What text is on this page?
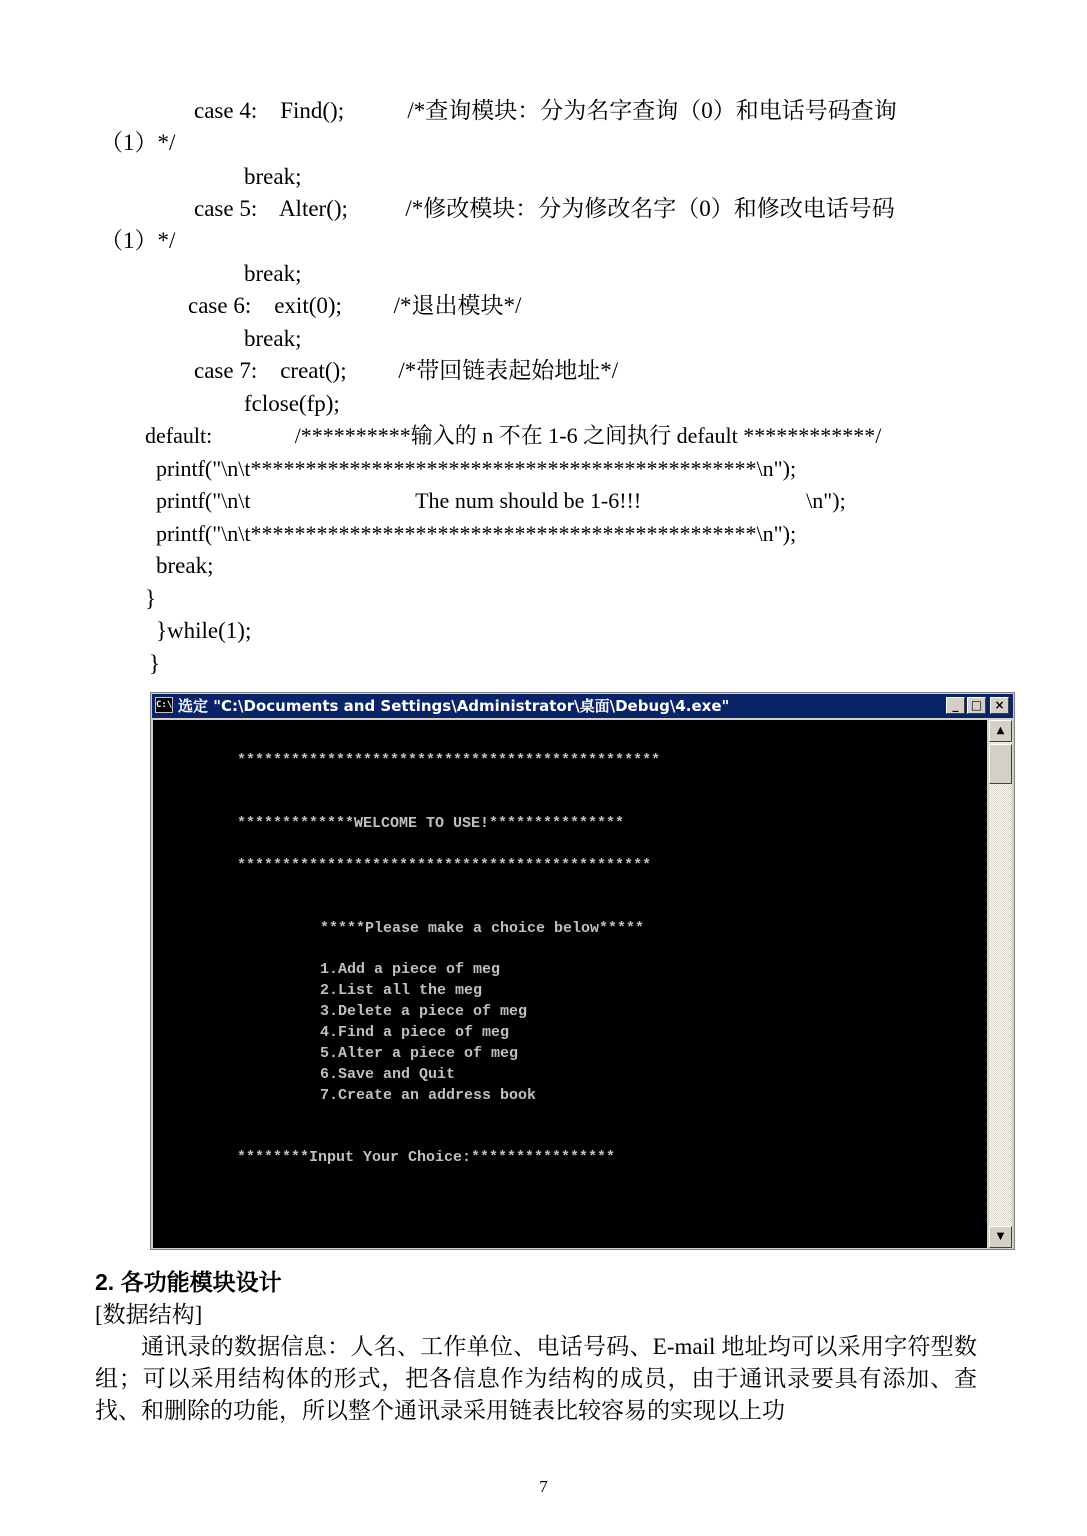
case 4:    Find();           /*查询模块：分为名字查询（0）和电话号码查询
（1）*/
break;
case 5:    Alter();          /*修改模块：分为修改名字（0）和修改电话号码
（1）*/
break;
case 6:    exit(0);         /*退出模块*/
break;
case 7:    creat();         /*带回链表起始地址*/
fclose(fp);
default:               /**********输入的 n 不在 1-6 之间执行 default ************/
printf("\n\t**********************************************\n");
printf("\n\t                              The num should be 1-6!!!                              \n");
printf("\n\t**********************************************\n");
break;
}
}while(1);
}
C:\ 选定 "C:\Documents and Settings\Administrator\桌面\Debug\4.exe"	_	□	×
***********************************************
*************WELCOME TO USE!***************
**********************************************
*****Please make a choice below*****
1.Add a piece of meg
2.List all the meg
3.Delete a piece of meg
4.Find a piece of meg
5.Alter a piece of meg
6.Save and Quit
7.Create an address book
********Input Your Choice:****************
▲
▼
2. 各功能模块设计
[数据结构]
通讯录的数据信息：人名、工作单位、电话号码、E-mail 地址均可以采用字符型数组；可以采用结构体的形式，把各信息作为结构的成员，由于通讯录要具有添加、查找、和删除的功能，所以整个通讯录采用链表比较容易的实现以上功
7
